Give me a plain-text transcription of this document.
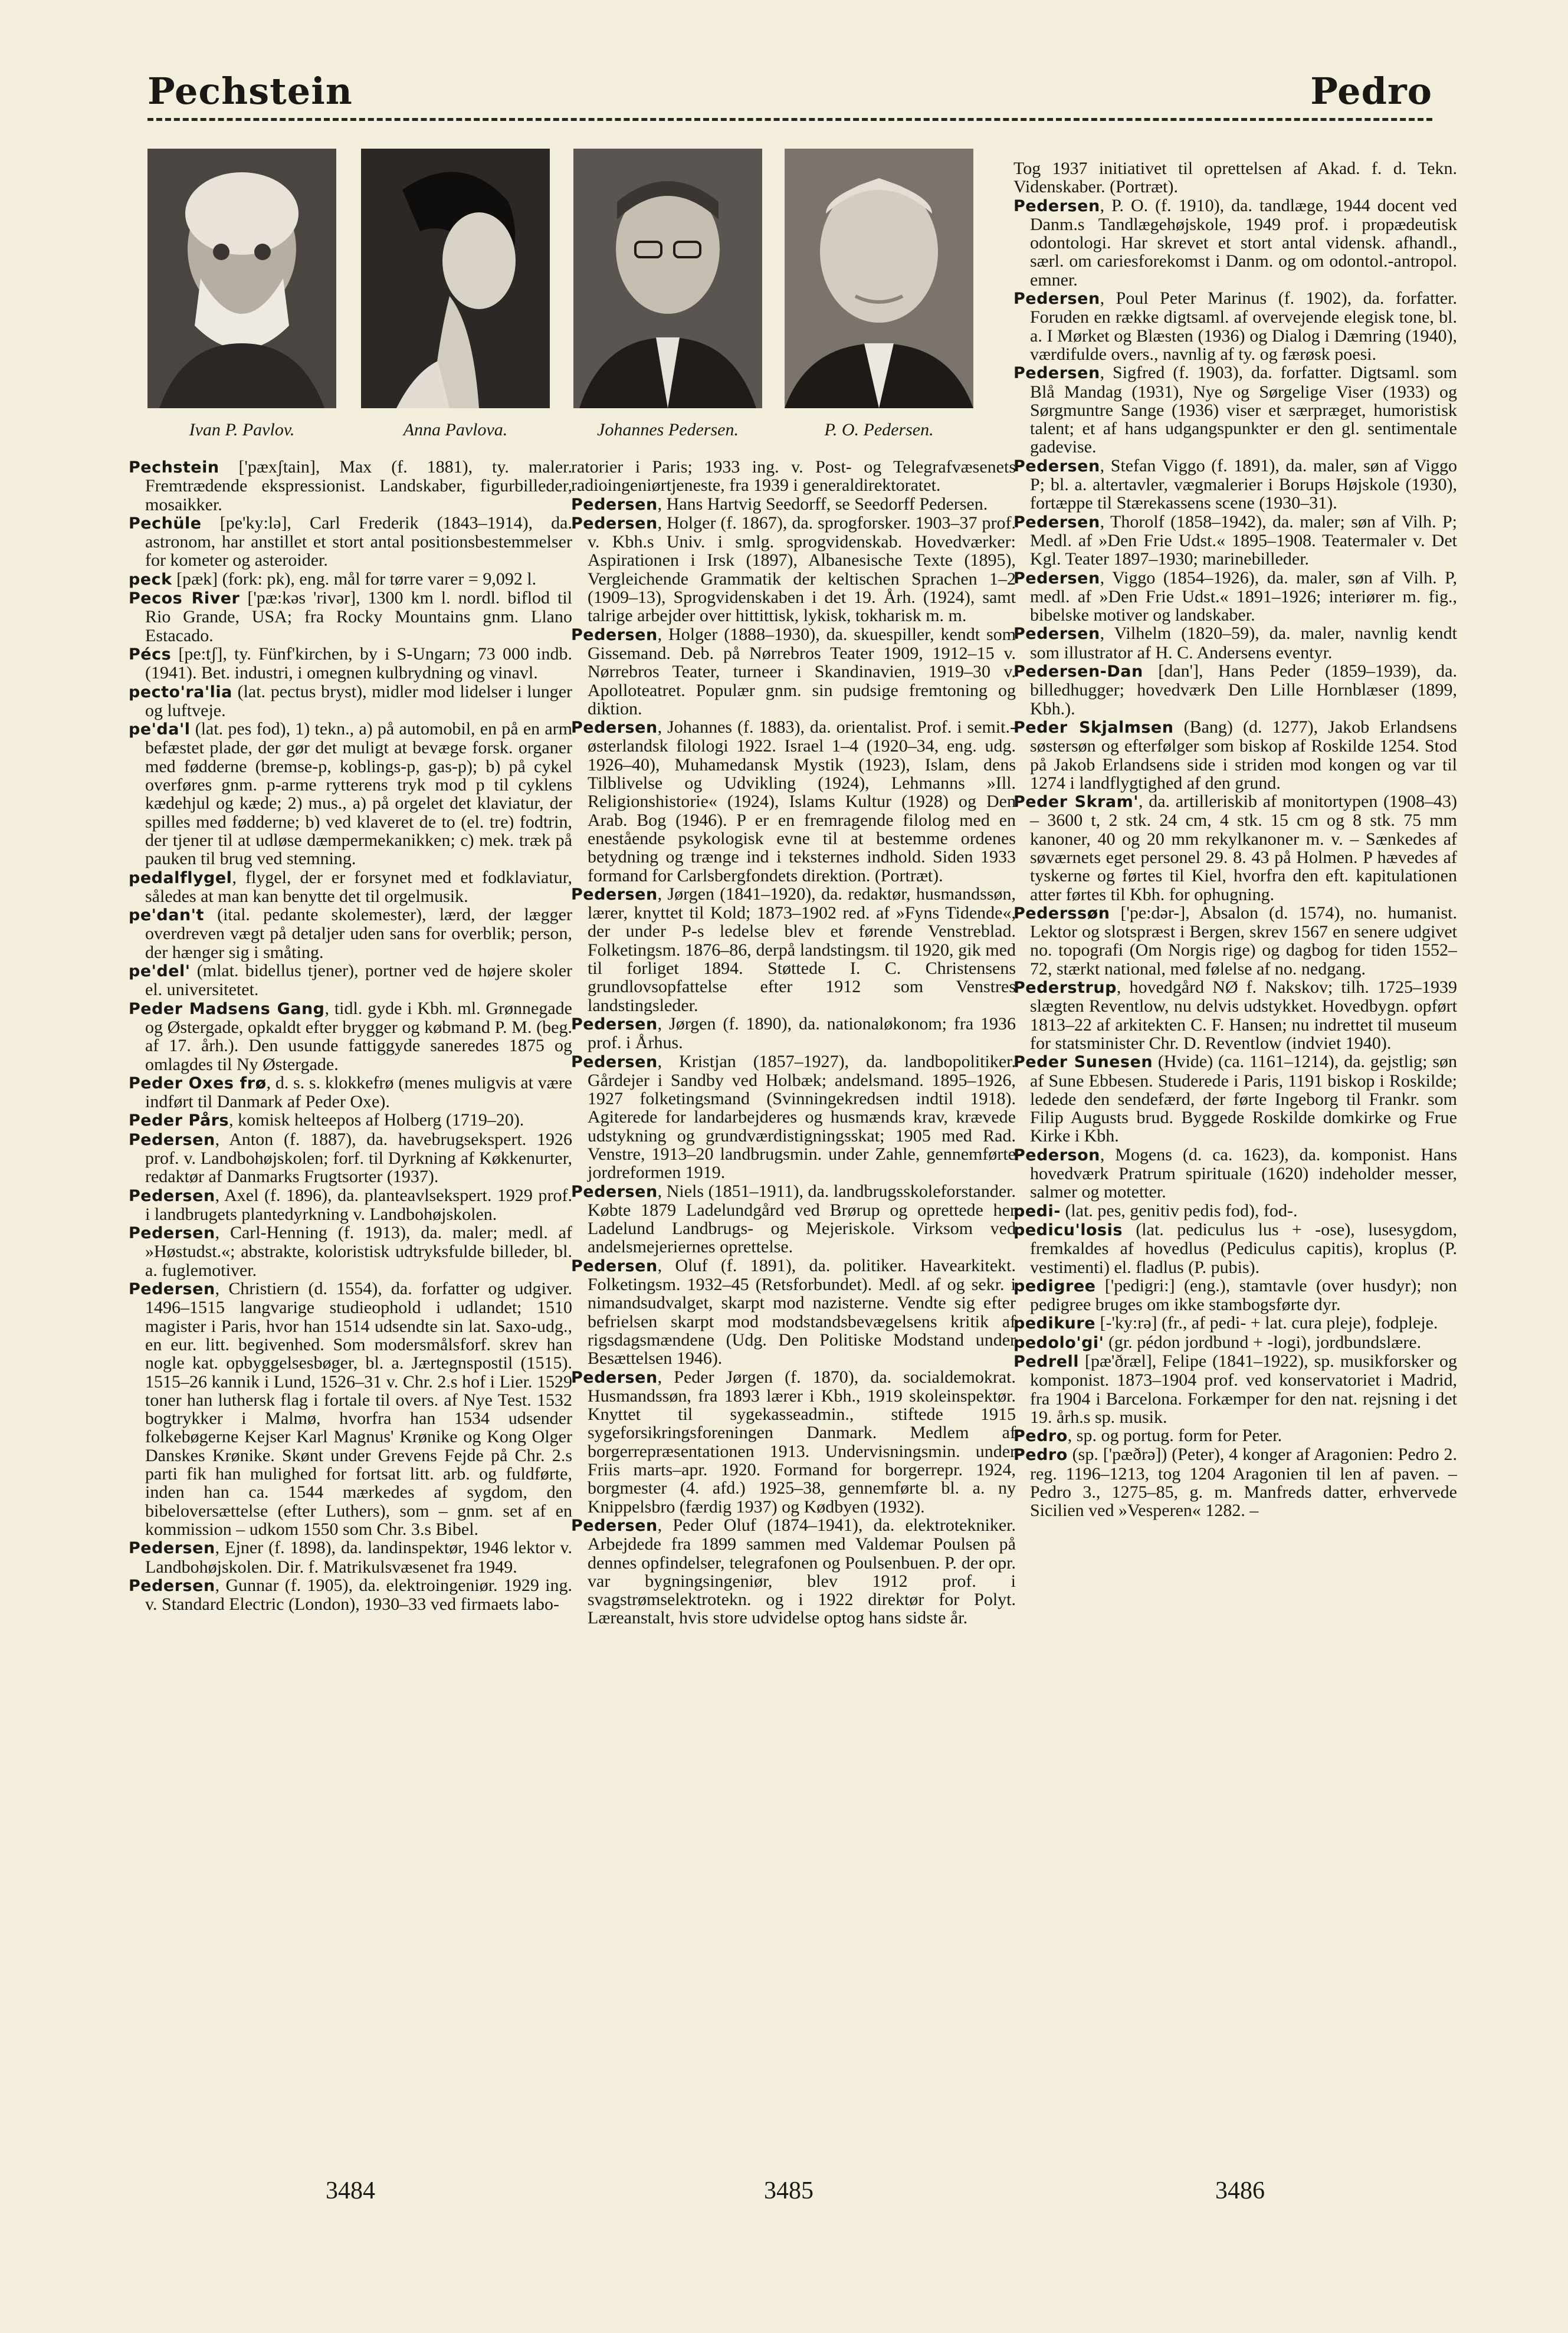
Pechstein	Pedro
Ivan P. Pavlov.	Anna Pavlova.	Johannes Pedersen.	P. O. Pedersen.

Pechstein ['pæxʃtain], Max (f. 1881), ty. maler. Fremtrædende ekspressionist. Landskaber, figurbilleder, mosaikker.

Pechüle [pe'ky:lə], Carl Frederik (1843–1914), da. astronom, har anstillet et stort antal positionsbestemmelser for kometer og asteroider.

peck [pæk] (fork: pk), eng. mål for tørre varer = 9,092 l.

Pecos River ['pæ:kəs 'rivər], 1300 km l. nordl. biflod til Rio Grande, USA; fra Rocky Mountains gnm. Llano Estacado.

Pécs [pe:tʃ], ty. Fünf'kirchen, by i S-Ungarn; 73 000 indb. (1941). Bet. industri, i omegnen kulbrydning og vinavl.

pecto'ra'lia (lat. pectus bryst), midler mod lidelser i lunger og luftveje.

pe'da'l (lat. pes fod), 1) tekn., a) på automobil, en på en arm befæstet plade, der gør det muligt at bevæge forsk. organer med fødderne (bremse-p, koblings-p, gas-p); b) på cykel overføres gnm. p-arme rytterens tryk mod p til cyklens kædehjul og kæde; 2) mus., a) på orgelet det klaviatur, der spilles med fødderne; b) ved klaveret de to (el. tre) fodtrin, der tjener til at udløse dæmpermekanikken; c) mek. træk på pauken til brug ved stemning.

pedalflygel, flygel, der er forsynet med et fodklaviatur, således at man kan benytte det til orgelmusik.

pe'dan't (ital. pedante skolemester), lærd, der lægger overdreven vægt på detaljer uden sans for overblik; person, der hænger sig i småting.

pe'del' (mlat. bidellus tjener), portner ved de højere skoler el. universitetet.

Peder Madsens Gang, tidl. gyde i Kbh. ml. Grønnegade og Østergade, opkaldt efter brygger og købmand P. M. (beg. af 17. årh.). Den usunde fattiggyde saneredes 1875 og omlagdes til Ny Østergade.

Peder Oxes frø, d. s. s. klokkefrø (menes muligvis at være indført til Danmark af Peder Oxe).

Peder Pårs, komisk helteepos af Holberg (1719–20).

Pedersen, Anton (f. 1887), da. havebrugsekspert. 1926 prof. v. Landbohøjskolen; forf. til Dyrkning af Køkkenurter, redaktør af Danmarks Frugtsorter (1937).

Pedersen, Axel (f. 1896), da. planteavlsekspert. 1929 prof. i landbrugets plantedyrkning v. Landbohøjskolen.

Pedersen, Carl-Henning (f. 1913), da. maler; medl. af »Høstudst.«; abstrakte, koloristisk udtryksfulde billeder, bl. a. fuglemotiver.

Pedersen, Christiern (d. 1554), da. forfatter og udgiver. 1496–1515 langvarige studieophold i udlandet; 1510 magister i Paris, hvor han 1514 udsendte sin lat. Saxo-udg., en eur. litt. begivenhed. Som modersmålsforf. skrev han nogle kat. opbyggelsesbøger, bl. a. Jærtegnspostil (1515). 1515–26 kannik i Lund, 1526–31 v. Chr. 2.s hof i Lier. 1529 toner han luthersk flag i fortale til overs. af Nye Test. 1532 bogtrykker i Malmø, hvorfra han 1534 udsender folkebøgerne Kejser Karl Magnus' Krønike og Kong Olger Danskes Krønike. Skønt under Grevens Fejde på Chr. 2.s parti fik han mulighed for fortsat litt. arb. og fuldførte, inden han ca. 1544 mærkedes af sygdom, den bibeloversættelse (efter Luthers), som – gnm. set af en kommission – udkom 1550 som Chr. 3.s Bibel.

Pedersen, Ejner (f. 1898), da. landinspektør, 1946 lektor v. Landbohøjskolen. Dir. f. Matrikulsvæsenet fra 1949.

Pedersen, Gunnar (f. 1905), da. elektroingeniør. 1929 ing. v. Standard Electric (London), 1930–33 ved firmaets labo-

ratorier i Paris; 1933 ing. v. Post- og Telegrafvæsenets radioingeniørtjeneste, fra 1939 i generaldirektoratet.

Pedersen, Hans Hartvig Seedorff, se Seedorff Pedersen.

Pedersen, Holger (f. 1867), da. sprogforsker. 1903–37 prof. v. Kbh.s Univ. i smlg. sprogvidenskab. Hovedværker: Aspirationen i Irsk (1897), Albanesische Texte (1895), Vergleichende Grammatik der keltischen Sprachen 1–2 (1909–13), Sprogvidenskaben i det 19. Årh. (1924), samt talrige arbejder over hittittisk, lykisk, tokharisk m. m.

Pedersen, Holger (1888–1930), da. skuespiller, kendt som Gissemand. Deb. på Nørrebros Teater 1909, 1912–15 v. Nørrebros Teater, turneer i Skandinavien, 1919–30 v. Apolloteatret. Populær gnm. sin pudsige fremtoning og diktion.

Pedersen, Johannes (f. 1883), da. orientalist. Prof. i semit.-østerlandsk filologi 1922. Israel 1–4 (1920–34, eng. udg. 1926–40), Muhamedansk Mystik (1923), Islam, dens Tilblivelse og Udvikling (1924), Lehmanns »Ill. Religionshistorie« (1924), Islams Kultur (1928) og Den Arab. Bog (1946). P er en fremragende filolog med en enestående psykologisk evne til at bestemme ordenes betydning og trænge ind i teksternes indhold. Siden 1933 formand for Carlsbergfondets direktion. (Portræt).

Pedersen, Jørgen (1841–1920), da. redaktør, husmandssøn, lærer, knyttet til Kold; 1873–1902 red. af »Fyns Tidende«, der under P-s ledelse blev et førende Venstreblad. Folketingsm. 1876–86, derpå landstingsm. til 1920, gik med til forliget 1894. Støttede I. C. Christensens grundlovsopfattelse efter 1912 som Venstres landstingsleder.

Pedersen, Jørgen (f. 1890), da. nationaløkonom; fra 1936 prof. i Århus.

Pedersen, Kristjan (1857–1927), da. landbopolitiker. Gårdejer i Sandby ved Holbæk; andelsmand. 1895–1926, 1927 folketingsmand (Svinningekredsen indtil 1918). Agiterede for landarbejderes og husmænds krav, krævede udstykning og grundværdistigningsskat; 1905 med Rad. Venstre, 1913–20 landbrugsmin. under Zahle, gennemførte jordreformen 1919.

Pedersen, Niels (1851–1911), da. landbrugsskoleforstander. Købte 1879 Ladelundgård ved Brørup og oprettede her Ladelund Landbrugs- og Mejeriskole. Virksom ved andelsmejeriernes oprettelse.

Pedersen, Oluf (f. 1891), da. politiker. Havearkitekt. Folketingsm. 1932–45 (Retsforbundet). Medl. af og sekr. i nimandsudvalget, skarpt mod nazisterne. Vendte sig efter befrielsen skarpt mod modstandsbevægelsens kritik af rigsdagsmændene (Udg. Den Politiske Modstand under Besættelsen 1946).

Pedersen, Peder Jørgen (f. 1870), da. socialdemokrat. Husmandssøn, fra 1893 lærer i Kbh., 1919 skoleinspektør. Knyttet til sygekasseadmin., stiftede 1915 sygeforsikringsforeningen Danmark. Medlem af borgerrepræsentationen 1913. Undervisningsmin. under Friis marts–apr. 1920. Formand for borgerrepr. 1924, borgmester (4. afd.) 1925–38, gennemførte bl. a. ny Knippelsbro (færdig 1937) og Kødbyen (1932).

Pedersen, Peder Oluf (1874–1941), da. elektrotekniker. Arbejdede fra 1899 sammen med Valdemar Poulsen på dennes opfindelser, telegrafonen og Poulsenbuen. P. der opr. var bygningsingeniør, blev 1912 prof. i svagstrømselektrotekn. og i 1922 direktør for Polyt. Læreanstalt, hvis store udvidelse optog hans sidste år.

Tog 1937 initiativet til oprettelsen af Akad. f. d. Tekn. Videnskaber. (Portræt).

Pedersen, P. O. (f. 1910), da. tandlæge, 1944 docent ved Danm.s Tandlægehøjskole, 1949 prof. i propædeutisk odontologi. Har skrevet et stort antal vidensk. afhandl., særl. om cariesforekomst i Danm. og om odontol.-antropol. emner.

Pedersen, Poul Peter Marinus (f. 1902), da. forfatter. Foruden en række digtsaml. af overvejende elegisk tone, bl. a. I Mørket og Blæsten (1936) og Dialog i Dæmring (1940), værdifulde overs., navnlig af ty. og færøsk poesi.

Pedersen, Sigfred (f. 1903), da. forfatter. Digtsaml. som Blå Mandag (1931), Nye og Sørgelige Viser (1933) og Sørgmuntre Sange (1936) viser et særpræget, humoristisk talent; et af hans udgangspunkter er den gl. sentimentale gadevise.

Pedersen, Stefan Viggo (f. 1891), da. maler, søn af Viggo P; bl. a. altertavler, vægmalerier i Borups Højskole (1930), fortæppe til Stærekassens scene (1930–31).

Pedersen, Thorolf (1858–1942), da. maler; søn af Vilh. P; Medl. af »Den Frie Udst.« 1895–1908. Teatermaler v. Det Kgl. Teater 1897–1930; marinebilleder.

Pedersen, Viggo (1854–1926), da. maler, søn af Vilh. P, medl. af »Den Frie Udst.« 1891–1926; interiører m. fig., bibelske motiver og landskaber.

Pedersen, Vilhelm (1820–59), da. maler, navnlig kendt som illustrator af H. C. Andersens eventyr.

Pedersen-Dan [dan'], Hans Peder (1859–1939), da. billedhugger; hovedværk Den Lille Hornblæser (1899, Kbh.).

Peder Skjalmsen (Bang) (d. 1277), Jakob Erlandsens søstersøn og efterfølger som biskop af Roskilde 1254. Stod på Jakob Erlandsens side i striden mod kongen og var til 1274 i landflygtighed af den grund.

Peder Skram', da. artilleriskib af monitortypen (1908–43) – 3600 t, 2 stk. 24 cm, 4 stk. 15 cm og 8 stk. 75 mm kanoner, 40 og 20 mm rekylkanoner m. v. – Sænkedes af søværnets eget personel 29. 8. 43 på Holmen. P hævedes af tyskerne og førtes til Kiel, hvorfra den eft. kapitulationen atter førtes til Kbh. for ophugning.

Pederssøn ['pe:dər-], Absalon (d. 1574), no. humanist. Lektor og slotspræst i Bergen, skrev 1567 en senere udgivet no. topografi (Om Norgis rige) og dagbog for tiden 1552–72, stærkt national, med følelse af no. nedgang.

Pederstrup, hovedgård NØ f. Nakskov; tilh. 1725–1939 slægten Reventlow, nu delvis udstykket. Hovedbygn. opført 1813–22 af arkitekten C. F. Hansen; nu indrettet til museum for statsminister Chr. D. Reventlow (indviet 1940).

Peder Sunesen (Hvide) (ca. 1161–1214), da. gejstlig; søn af Sune Ebbesen. Studerede i Paris, 1191 biskop i Roskilde; ledede den sendefærd, der førte Ingeborg til Frankr. som Filip Augusts brud. Byggede Roskilde domkirke og Frue Kirke i Kbh.

Pederson, Mogens (d. ca. 1623), da. komponist. Hans hovedværk Pratrum spirituale (1620) indeholder messer, salmer og motetter.

pedi- (lat. pes, genitiv pedis fod), fod-.

pedicu'losis (lat. pediculus lus + -ose), lusesygdom, fremkaldes af hovedlus (Pediculus capitis), kroplus (P. vestimenti) el. fladlus (P. pubis).

pedigree ['pedigri:] (eng.), stamtavle (over husdyr); non pedigree bruges om ikke stambogsførte dyr.

pedikure [-'ky:rə] (fr., af pedi- + lat. cura pleje), fodpleje.

pedolo'gi' (gr. pédon jordbund + -logi), jordbundslære.

Pedrell [pæ'ðræl], Felipe (1841–1922), sp. musikforsker og komponist. 1873–1904 prof. ved konservatoriet i Madrid, fra 1904 i Barcelona. Forkæmper for den nat. rejsning i det 19. årh.s sp. musik.

Pedro, sp. og portug. form for Peter.

Pedro (sp. ['pæðrə]) (Peter), 4 konger af Aragonien: Pedro 2. reg. 1196–1213, tog 1204 Aragonien til len af paven. – Pedro 3., 1275–85, g. m. Manfreds datter, erhvervede Sicilien ved »Vesperen« 1282. –

3484	3485	3486
